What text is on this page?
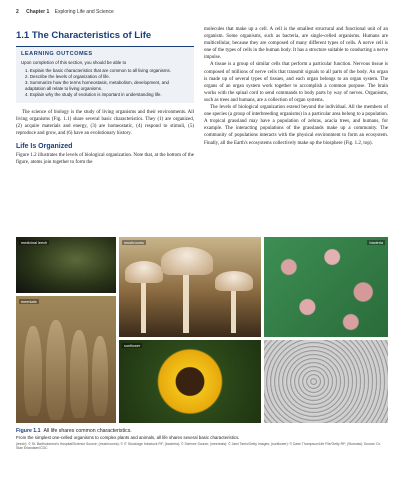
2 Chapter 1 Exploring Life and Science
1.1 The Characteristics of Life
LEARNING OUTCOMES
Upon completion of this section, you should be able to
1. Explain the basic characteristics that are common to all living organisms.
2. Describe the levels of organization of life.
3. Summarize how the terms homeostasis, metabolism, development, and adaptation all relate to living organisms.
4. Explain why the study of evolution is important in understanding life.

The science of biology is the study of living organisms and their environments. All living organisms (Fig. 1.1) share several basic characteristics. They (1) are organized, (2) acquire materials and energy, (3) are homeostatic, (4) respond to stimuli, (5) reproduce and grow, and (6) have an evolutionary history.

Life Is Organized

Figure 1.2 illustrates the levels of biological organization. Note that, at the bottom of the figure, atoms join together to form the

molecules that make up a cell. A cell is the smallest structural and functional unit of an organism. Some organisms, such as bacteria, are single-celled organisms. Humans are multicellular, because they are composed of many different types of cells. A nerve cell is one of the types of cells in the human body. It has a structure suitable to conducting a nerve impulse.

A tissue is a group of similar cells that perform a particular function. Nervous tissue is composed of millions of nerve cells that transmit signals to all parts of the body. An organ is made up of several types of tissues, and each organ belongs to an organ system. The organs of an organ system work together to accomplish a common purpose. The brain works with the spinal cord to send commands to body parts by way of nerves. Organisms, such as trees and humans, are a collection of organ systems.

The levels of biological organization extend beyond the individual. All the members of one species (a group of interbreeding organisms) in a particular area belong to a population. A tropical grassland may have a population of zebras, acacia trees, and humans, for example. The interacting populations of the grasslands make up a community. The community of populations interacts with the physical environment to form an ecosystem. Finally, all the Earth's ecosystems collectively make up the biosphere (Fig. 1.2, top).

medicinal leech	mushrooms	bacteria
meerkats
sunflower
Figure 1.1 All life shares common characteristics.
From the simplest one-celled organisms to complex plants and animals, all life shares several basic characteristics.
(leech): © St. Bartholomew's Hospital/Science Source; (mushrooms): © IT Stock/age fotostock RF; (bacteria): © Science Source; (meerkats): © Jami Tarris/Getty Images; (sunflower): © Dave Thompson/Life File/Getty RF; (Stomata): Source: Dr. Stan Erlandsen/CDC
